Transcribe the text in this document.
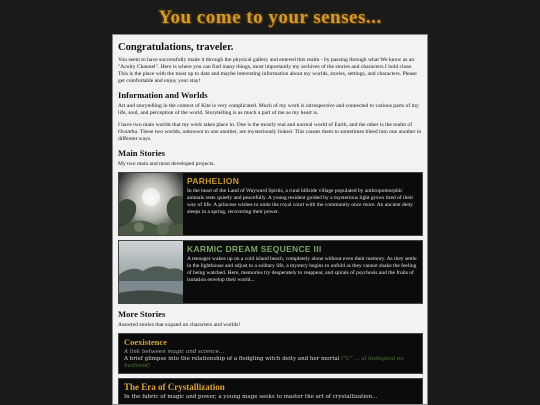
You come to your senses...
Congratulations, traveler.

You seem to have successfully made it through the physical gallery and entered this realm - by passing through what We know as an "Acuity Channel". Here is where you can find many things, most importantly my archives of the stories and characters I hold close. This is the place with the most up to date and maybe interesting information about my worlds, stories, settings, and characters. Please get comfortable and enjoy your stay!

Information and Worlds

Art and storytelling in the context of Kite is very complicated. Much of my work is introspective and connected to various parts of my life, soul, and perception of the world. Storytelling is as much a part of me as my heart is.

I have two main worlds that my work takes place in. One is the mostly real and normal world of Earth, and the other is the realm of Ovantha. These two worlds, unknown to one another, are mysteriously linked. This causes them to sometimes bleed into one another in different ways.

Main Stories

My two main and most developed projects.

PARHELION
In the heart of the Land of Wayward Spirits, a rural hillside village populated by anthropomorphic animals rests quietly and peacefully. A young resident guided by a mysterious light grows tired of their way of life. A princess wishes to unite the royal court with the community once more. An ancient deity sleeps in a spring, recovering their power.
KARMIC DREAM SEQUENCE III
A teenager wakes up on a cold island beach, completely alone without even their memory. As they settle in the lighthouse and adjust to a solitary life, a mystery begins to unfold as they cannot shake the feeling of being watched. Here, memories try desperately to reappear, and spirals of psychosis and the fruits of isolation envelop their world...
More Stories

Assorted stories that expand on characters and worlds!

Coexistence
A link between magic and science...
A brief glimpse into the relationship of a fledgling witch deity and her mortal ("C" ... al biological ex-husband)
The Era of Crystallization
In the fabric of magic and power, a young mage seeks to master the art of crystallization...
